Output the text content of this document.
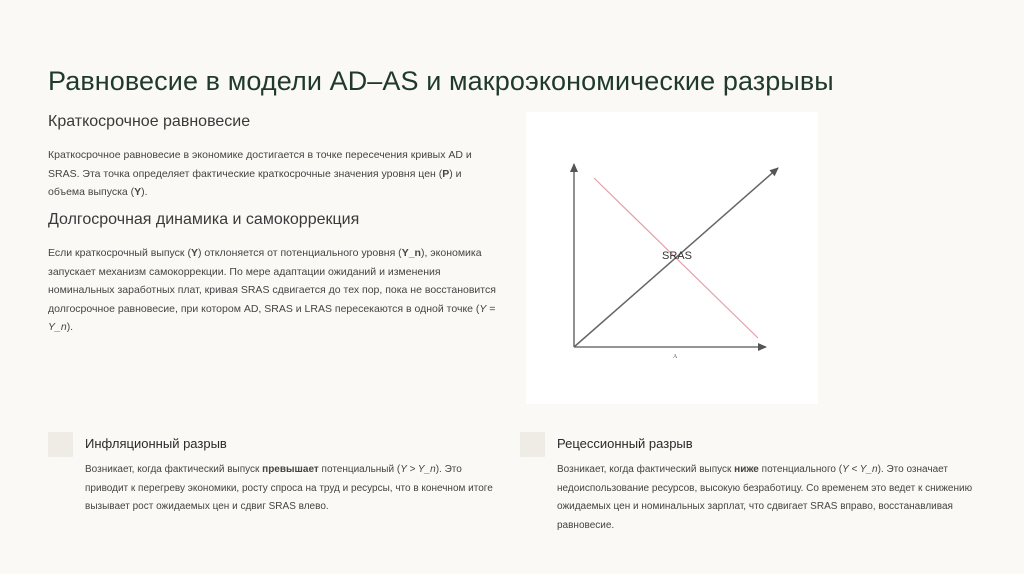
Равновесие в модели AD–AS и макроэкономические разрывы
Краткосрочное равновесие
Краткосрочное равновесие в экономике достигается в точке пересечения кривых AD и SRAS. Эта точка определяет фактические краткосрочные значения уровня цен (P) и объема выпуска (Y).
Долгосрочная динамика и самокоррекция
Если краткосрочный выпуск (Y) отклоняется от потенциального уровня (Y_n), экономика запускает механизм самокоррекции. По мере адаптации ожиданий и изменения номинальных заработных плат, кривая SRAS сдвигается до тех пор, пока не восстановится долгосрочное равновесие, при котором AD, SRAS и LRAS пересекаются в одной точке (Y = Y_n).
SRAS
A
Инфляционный разрыв
Возникает, когда фактический выпуск превышает потенциальный (Y > Y_n). Это приводит к перегреву экономики, росту спроса на труд и ресурсы, что в конечном итоге вызывает рост ожидаемых цен и сдвиг SRAS влево.
Рецессионный разрыв
Возникает, когда фактический выпуск ниже потенциального (Y < Y_n). Это означает недоиспользование ресурсов, высокую безработицу. Со временем это ведет к снижению ожидаемых цен и номинальных зарплат, что сдвигает SRAS вправо, восстанавливая равновесие.
